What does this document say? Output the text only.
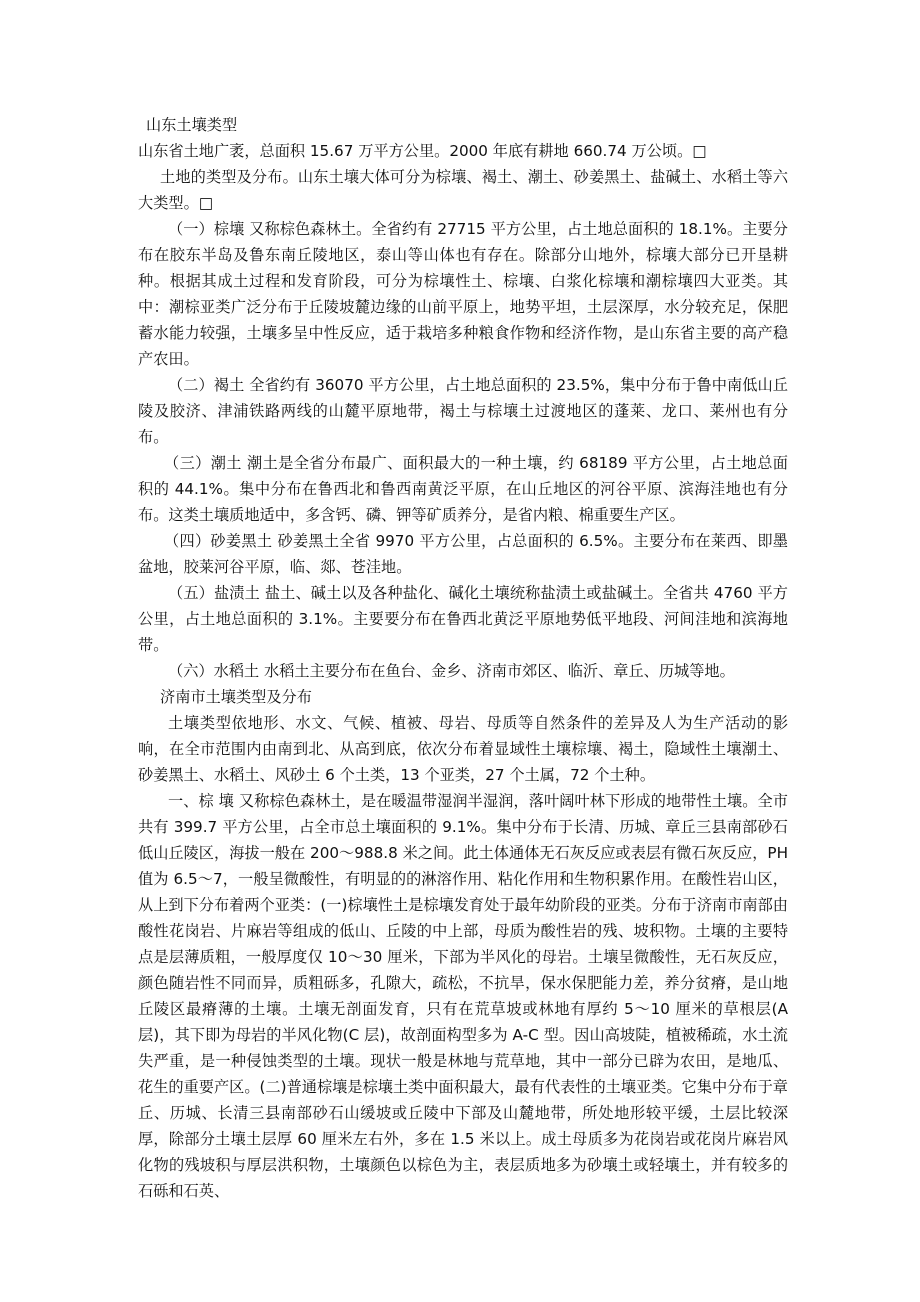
山东土壤类型

山东省土地广袤，总面积 15.67 万平方公里。2000 年底有耕地 660.74 万公顷。□

土地的类型及分布。山东土壤大体可分为棕壤、褐土、潮土、砂姜黑土、盐碱土、水稻土等六大类型。□

（一）棕壤 又称棕色森林土。全省约有 27715 平方公里，占土地总面积的 18.1%。主要分布在胶东半岛及鲁东南丘陵地区，泰山等山体也有存在。除部分山地外，棕壤大部分已开垦耕种。根据其成土过程和发育阶段，可分为棕壤性土、棕壤、白浆化棕壤和潮棕壤四大亚类。其中：潮棕亚类广泛分布于丘陵坡麓边缘的山前平原上，地势平坦，土层深厚，水分较充足，保肥蓄水能力较强，土壤多呈中性反应，适于栽培多种粮食作物和经济作物，是山东省主要的高产稳产农田。

（二）褐土 全省约有 36070 平方公里，占土地总面积的 23.5%，集中分布于鲁中南低山丘陵及胶济、津浦铁路两线的山麓平原地带，褐土与棕壤土过渡地区的蓬莱、龙口、莱州也有分布。

（三）潮土 潮土是全省分布最广、面积最大的一种土壤，约 68189 平方公里，占土地总面积的 44.1%。集中分布在鲁西北和鲁西南黄泛平原，在山丘地区的河谷平原、滨海洼地也有分布。这类土壤质地适中，多含钙、磷、钾等矿质养分，是省内粮、棉重要生产区。

（四）砂姜黑土 砂姜黑土全省 9970 平方公里，占总面积的 6.5%。主要分布在莱西、即墨盆地，胶莱河谷平原，临、郯、苍洼地。

（五）盐渍土 盐土、碱土以及各种盐化、碱化土壤统称盐渍土或盐碱土。全省共 4760 平方公里，占土地总面积的 3.1%。主要要分布在鲁西北黄泛平原地势低平地段、河间洼地和滨海地带。

（六）水稻土 水稻土主要分布在鱼台、金乡、济南市郊区、临沂、章丘、历城等地。

济南市土壤类型及分布

土壤类型依地形、水文、气候、植被、母岩、母质等自然条件的差异及人为生产活动的影响，在全市范围内由南到北、从高到底，依次分布着显域性土壤棕壤、褐土，隐域性土壤潮土、砂姜黑土、水稻土、风砂土 6 个土类，13 个亚类，27 个土属，72 个土种。

一、棕 壤 又称棕色森林土，是在暖温带湿润半湿润，落叶阔叶林下形成的地带性土壤。全市共有 399.7 平方公里，占全市总土壤面积的 9.1%。集中分布于长清、历城、章丘三县南部砂石低山丘陵区，海拔一般在 200～988.8 米之间。此土体通体无石灰反应或表层有微石灰反应，PH 值为 6.5～7，一般呈微酸性，有明显的的淋溶作用、粘化作用和生物积累作用。在酸性岩山区，从上到下分布着两个亚类：(一)棕壤性土是棕壤发育处于最年幼阶段的亚类。分布于济南市南部由酸性花岗岩、片麻岩等组成的低山、丘陵的中上部，母质为酸性岩的残、坡积物。土壤的主要特点是层薄质粗，一般厚度仅 10～30 厘米，下部为半风化的母岩。土壤呈微酸性，无石灰反应，颜色随岩性不同而异，质粗砾多，孔隙大，疏松，不抗旱，保水保肥能力差，养分贫瘠，是山地丘陵区最瘠薄的土壤。土壤无剖面发育，只有在荒草坡或林地有厚约 5～10 厘米的草根层(A 层)，其下即为母岩的半风化物(C 层)，故剖面构型多为 A-C 型。因山高坡陡，植被稀疏，水土流失严重，是一种侵蚀类型的土壤。现状一般是林地与荒草地，其中一部分已辟为农田，是地瓜、花生的重要产区。(二)普通棕壤是棕壤土类中面积最大，最有代表性的土壤亚类。它集中分布于章丘、历城、长清三县南部砂石山缓坡或丘陵中下部及山麓地带，所处地形较平缓，土层比较深厚，除部分土壤土层厚 60 厘米左右外，多在 1.5 米以上。成土母质多为花岗岩或花岗片麻岩风化物的残坡积与厚层洪积物，土壤颜色以棕色为主，表层质地多为砂壤土或轻壤土，并有较多的石砾和石英、
